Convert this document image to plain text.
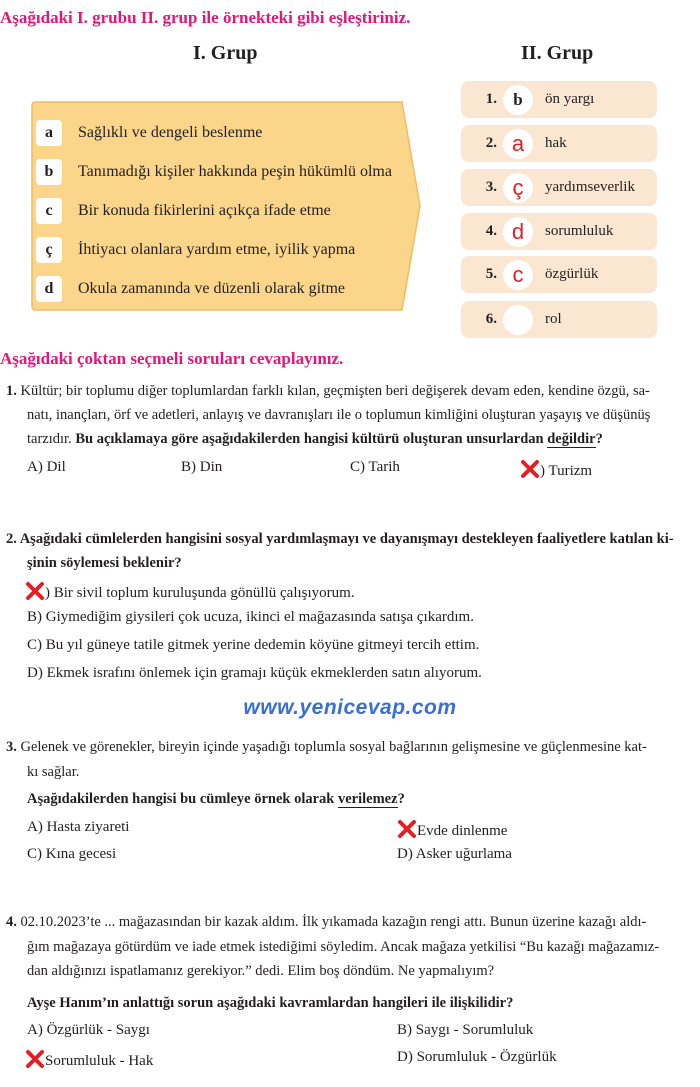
Aşağıdaki I. grubu II. grup ile örnekteki gibi eşleştiriniz.
I. Grup	II. Grup
a	Sağlıklı ve dengeli beslenme
b	Tanımadığı kişiler hakkında peşin hükümlü olma
c	Bir konuda fikirlerini açıkça ifade etme
ç	İhtiyacı olanlara yardım etme, iyilik yapma
d	Okula zamanında ve düzenli olarak gitme
1. b	ön yargı
2. a	hak
3. ç	yardımseverlik
4. d	sorumluluk
5. c	özgürlük
6.	rol
Aşağıdaki çoktan seçmeli soruları cevaplayınız.
1. Kültür; bir toplumu diğer toplumlardan farklı kılan, geçmişten beri değişerek devam eden, kendine özgü, sa-
natı, inançları, örf ve adetleri, anlayış ve davranışları ile o toplumun kimliğini oluşturan yaşayış ve düşünüş
tarzıdır. Bu açıklamaya göre aşağıdakilerden hangisi kültürü oluşturan unsurlardan değildir?
A) Dil	B) Din	C) Tarih	) Turizm
2. Aşağıdaki cümlelerden hangisini sosyal yardımlaşmayı ve dayanışmayı destekleyen faaliyetlere katılan ki-
şinin söylemesi beklenir?
) Bir sivil toplum kuruluşunda gönüllü çalışıyorum.
B) Giymediğim giysileri çok ucuza, ikinci el mağazasında satışa çıkardım.
C) Bu yıl güneye tatile gitmek yerine dedemin köyüne gitmeyi tercih ettim.
D) Ekmek israfını önlemek için gramajı küçük ekmeklerden satın alıyorum.
www.yenicevap.com
3. Gelenek ve görenekler, bireyin içinde yaşadığı toplumla sosyal bağlarının gelişmesine ve güçlenmesine kat-
kı sağlar.
Aşağıdakilerden hangisi bu cümleye örnek olarak verilemez?
A) Hasta ziyareti	Evde dinlenme
C) Kına gecesi	D) Asker uğurlama
4. 02.10.2023’te ... mağazasından bir kazak aldım. İlk yıkamada kazağın rengi attı. Bunun üzerine kazağı aldı-
ğım mağazaya götürdüm ve iade etmek istediğimi söyledim. Ancak mağaza yetkilisi “Bu kazağı mağazamız-
dan aldığınızı ispatlamanız gerekiyor.” dedi. Elim boş döndüm. Ne yapmalıyım?
Ayşe Hanım’ın anlattığı sorun aşağıdaki kavramlardan hangileri ile ilişkilidir?
A) Özgürlük - Saygı	B) Saygı - Sorumluluk
Sorumluluk - Hak	D) Sorumluluk - Özgürlük
